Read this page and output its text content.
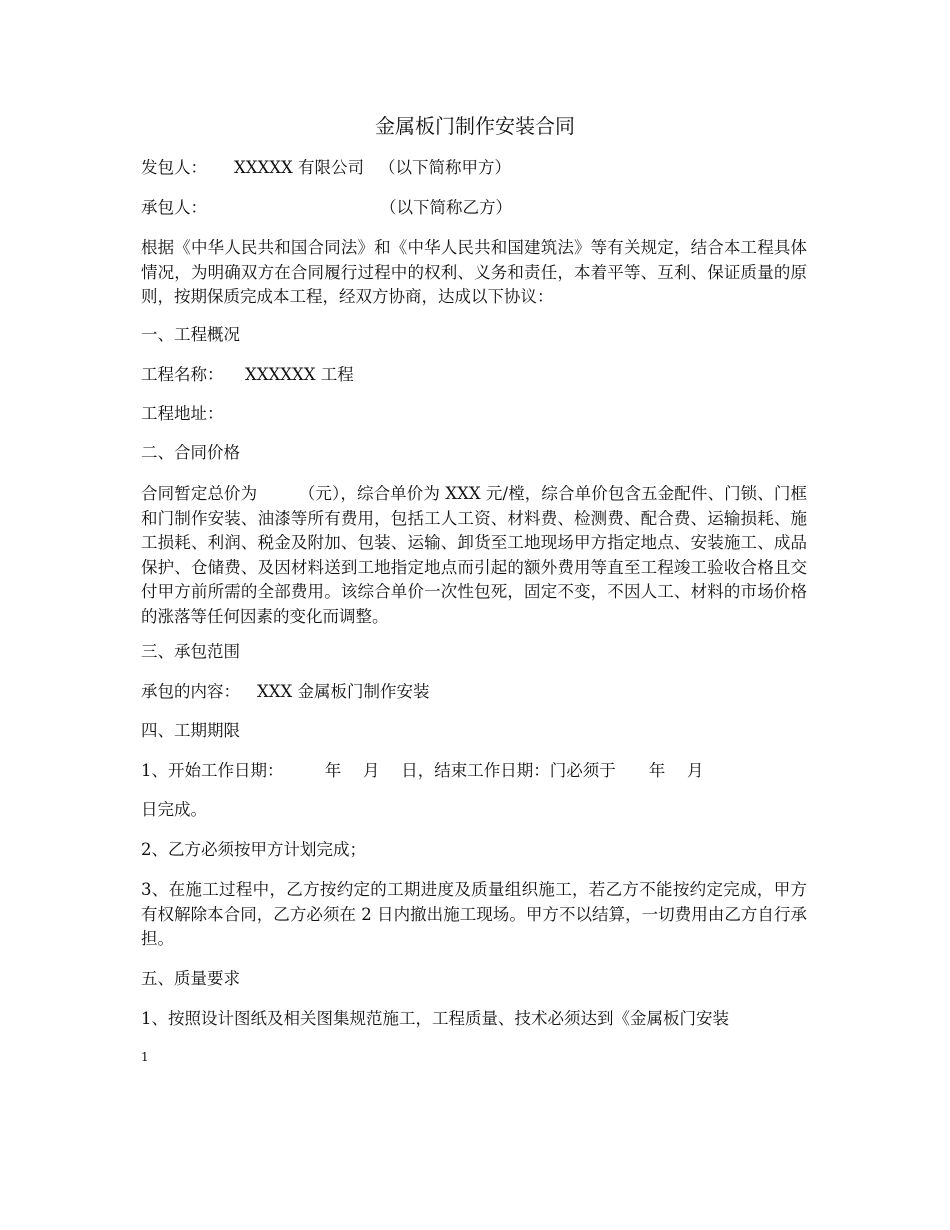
金属板门制作安装合同
发包人： XXXXX 有限公司 （以下简称甲方）
承包人：	（以下简称乙方）
根据《中华人民共和国合同法》和《中华人民共和国建筑法》等有关规定，结合本工程具体情况，为明确双方在合同履行过程中的权利、义务和责任，本着平等、互利、保证质量的原则，按期保质完成本工程，经双方协商，达成以下协议：
一、工程概况
工程名称： XXXXXX 工程
工程地址：
二、合同价格
合同暂定总价为　　　（元），综合单价为 XXX 元/樘，综合单价包含五金配件、门锁、门框和门制作安装、油漆等所有费用，包括工人工资、材料费、检测费、配合费、运输损耗、施工损耗、利润、税金及附加、包装、运输、卸货至工地现场甲方指定地点、安装施工、成品保护、仓储费、及因材料送到工地指定地点而引起的额外费用等直至工程竣工验收合格且交付甲方前所需的全部费用。该综合单价一次性包死，固定不变，不因人工、材料的市场价格的涨落等任何因素的变化而调整。
三、承包范围
承包的内容： XXX 金属板门制作安装
四、工期期限
1、开始工作日期：　　　年　 月　 日，结束工作日期：门必须于　　年　 月
日完成。
2、乙方必须按甲方计划完成；
3、在施工过程中，乙方按约定的工期进度及质量组织施工，若乙方不能按约定完成，甲方有权解除本合同，乙方必须在 2 日内撤出施工现场。甲方不以结算，一切费用由乙方自行承担。
五、质量要求
1、按照设计图纸及相关图集规范施工，工程质量、技术必须达到《金属板门安装
1
